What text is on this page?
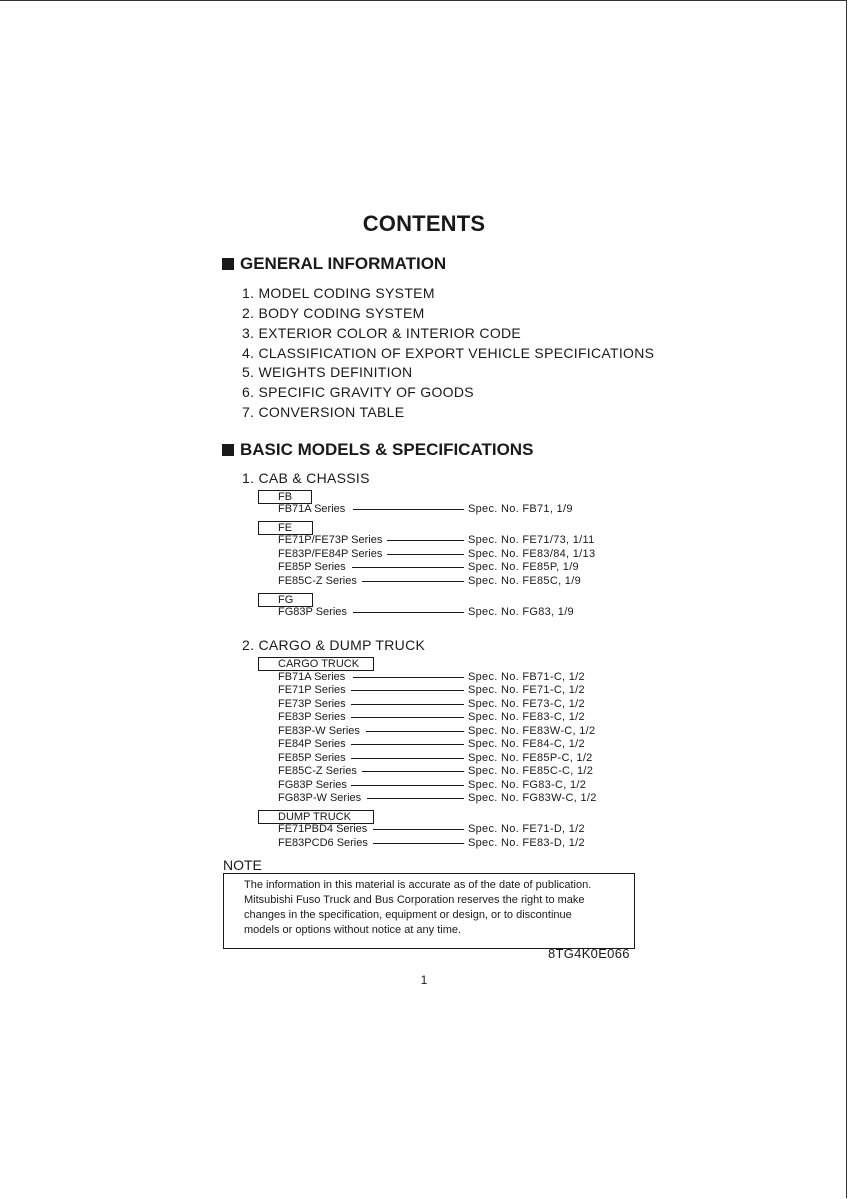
CONTENTS
GENERAL INFORMATION
1. MODEL CODING SYSTEM
2. BODY CODING SYSTEM
3. EXTERIOR COLOR & INTERIOR CODE
4. CLASSIFICATION OF EXPORT VEHICLE SPECIFICATIONS
5. WEIGHTS DEFINITION
6. SPECIFIC GRAVITY OF GOODS
7. CONVERSION TABLE
BASIC MODELS & SPECIFICATIONS
1. CAB & CHASSIS
FB
FB71A Series	Spec. No. FB71, 1/9
FE
FE71P/FE73P Series	Spec. No. FE71/73, 1/11
FE83P/FE84P Series	Spec. No. FE83/84, 1/13
FE85P Series	Spec. No. FE85P, 1/9
FE85C-Z Series	Spec. No. FE85C, 1/9
FG
FG83P Series	Spec. No. FG83, 1/9
2. CARGO & DUMP TRUCK
CARGO TRUCK
FB71A Series	Spec. No. FB71-C, 1/2
FE71P Series	Spec. No. FE71-C, 1/2
FE73P Series	Spec. No. FE73-C, 1/2
FE83P Series	Spec. No. FE83-C, 1/2
FE83P-W Series	Spec. No. FE83W-C, 1/2
FE84P Series	Spec. No. FE84-C, 1/2
FE85P Series	Spec. No. FE85P-C, 1/2
FE85C-Z Series	Spec. No. FE85C-C, 1/2
FG83P Series	Spec. No. FG83-C, 1/2
FG83P-W Series	Spec. No. FG83W-C, 1/2
DUMP TRUCK
FE71PBD4 Series	Spec. No. FE71-D, 1/2
FE83PCD6 Series	Spec. No. FE83-D, 1/2
NOTE
The information in this material is accurate as of the date of publication.
Mitsubishi Fuso Truck and Bus Corporation reserves the right to make
changes in the specification, equipment or design, or to discontinue
models or options without notice at any time.
8TG4K0E066
1
